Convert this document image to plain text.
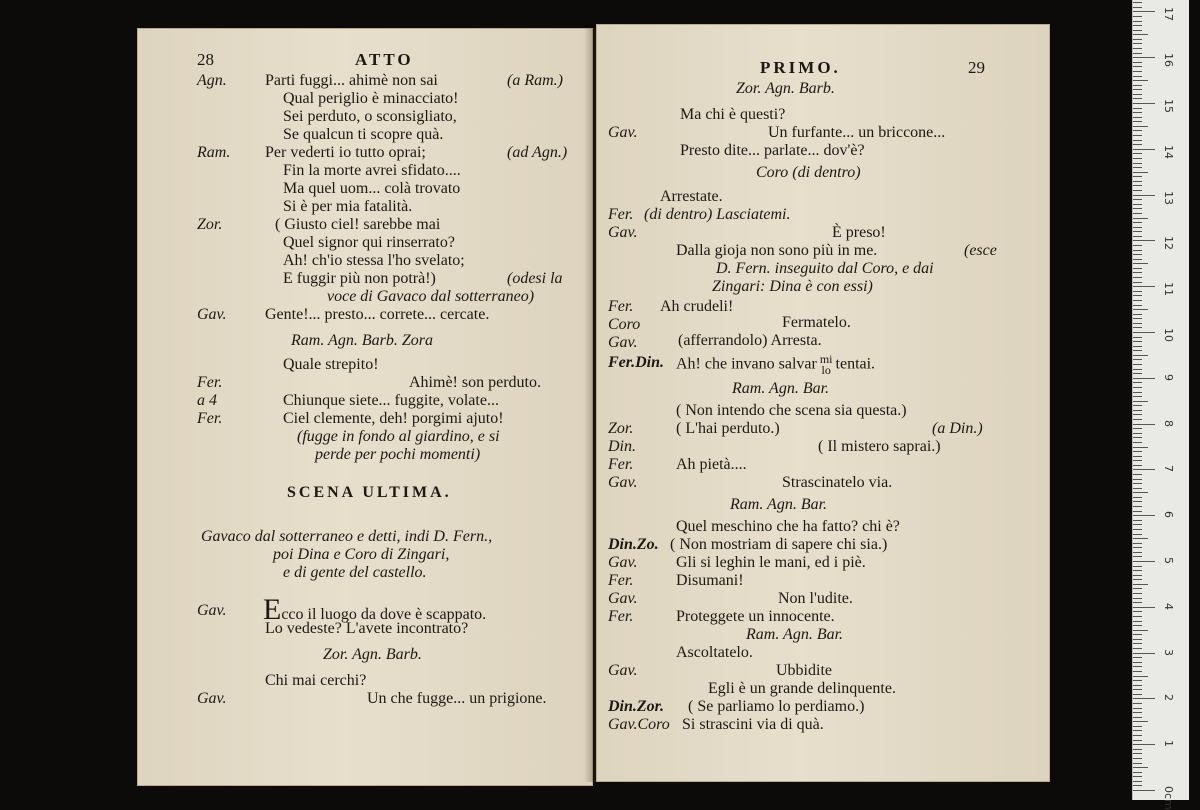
28	ATTO
Agn. Parti fuggi... ahimè non sai	(a Ram.)
Qual periglio è minacciato!
Sei perduto, o sconsigliato,
Se qualcun ti scopre quà.
Ram. Per vederti io tutto oprai;	(ad Agn.)
Fin la morte avrei sfidato....
Ma quel uom... colà trovato
Si è per mia fatalità.
Zor.	( Giusto ciel! sarebbe mai
Quel signor qui rinserrato?
Ah! ch'io stessa l'ho svelato;
E fuggir più non potrà!)	(odesi la
voce di Gavaco dal sotterraneo)
Gav. Gente!... presto... correte... cercate.
Ram. Agn. Barb. Zora
Quale strepito!
Fer.	Ahimè! son perduto.
a 4	Chiunque siete... fuggite, volate...
Fer.	Ciel clemente, deh! porgimi ajuto!
(fugge in fondo al giardino, e si
perde per pochi momenti)
SCENA ULTIMA.
Gavaco dal sotterraneo e detti, indi D. Fern.,
poi Dina e Coro di Zingari,
e di gente del castello.
Gav. Ecco il luogo da dove è scappato.
Lo vedeste? L'avete incontrato?
Zor. Agn. Barb.
Chi mai cerchi?
Gav.	Un che fugge... un prigione.
PRIMO.	29
Zor. Agn. Barb.
Ma chi è questi?
Gav.	Un furfante... un briccone...
Presto dite... parlate... dov'è?
Coro (di dentro)
Arrestate.
Fer. (di dentro) Lasciatemi.
Gav.	È preso!
Dalla gioja non sono più in me.	(esce
D. Fern. inseguito dal Coro, e dai
Zingari: Dina è con essi)
Fer. Ah crudeli!
Coro	Fermatelo.
Gav.	(afferrandolo) Arresta.
Fer.Din. Ah! che invano salvar mi
lo tentai.
Ram. Agn. Bar.
( Non intendo che scena sia questa.)
Zor.	( L'hai perduto.)	(a Din.)
Din.	( Il mistero saprai.)
Fer.	Ah pietà....
Gav.	Strascinatelo via.
Ram. Agn. Bar.
Quel meschino che ha fatto? chi è?
Din.Zo. ( Non mostriam di sapere chi sia.)
Gav. Gli si leghin le mani, ed i piè.
Fer.	Disumani!
Gav.	Non l'udite.
Fer.	Proteggete un innocente.
Ram. Agn. Bar.
Ascoltatelo.
Gav.	Ubbidite
Egli è un grande delinquente.
Din.Zor. ( Se parliamo lo perdiamo.)
Gav.Coro Si strascini via di quà.
0cm
1
2
3
4
5
6
7
8
9
10
11
12
13
14
15
16
17
